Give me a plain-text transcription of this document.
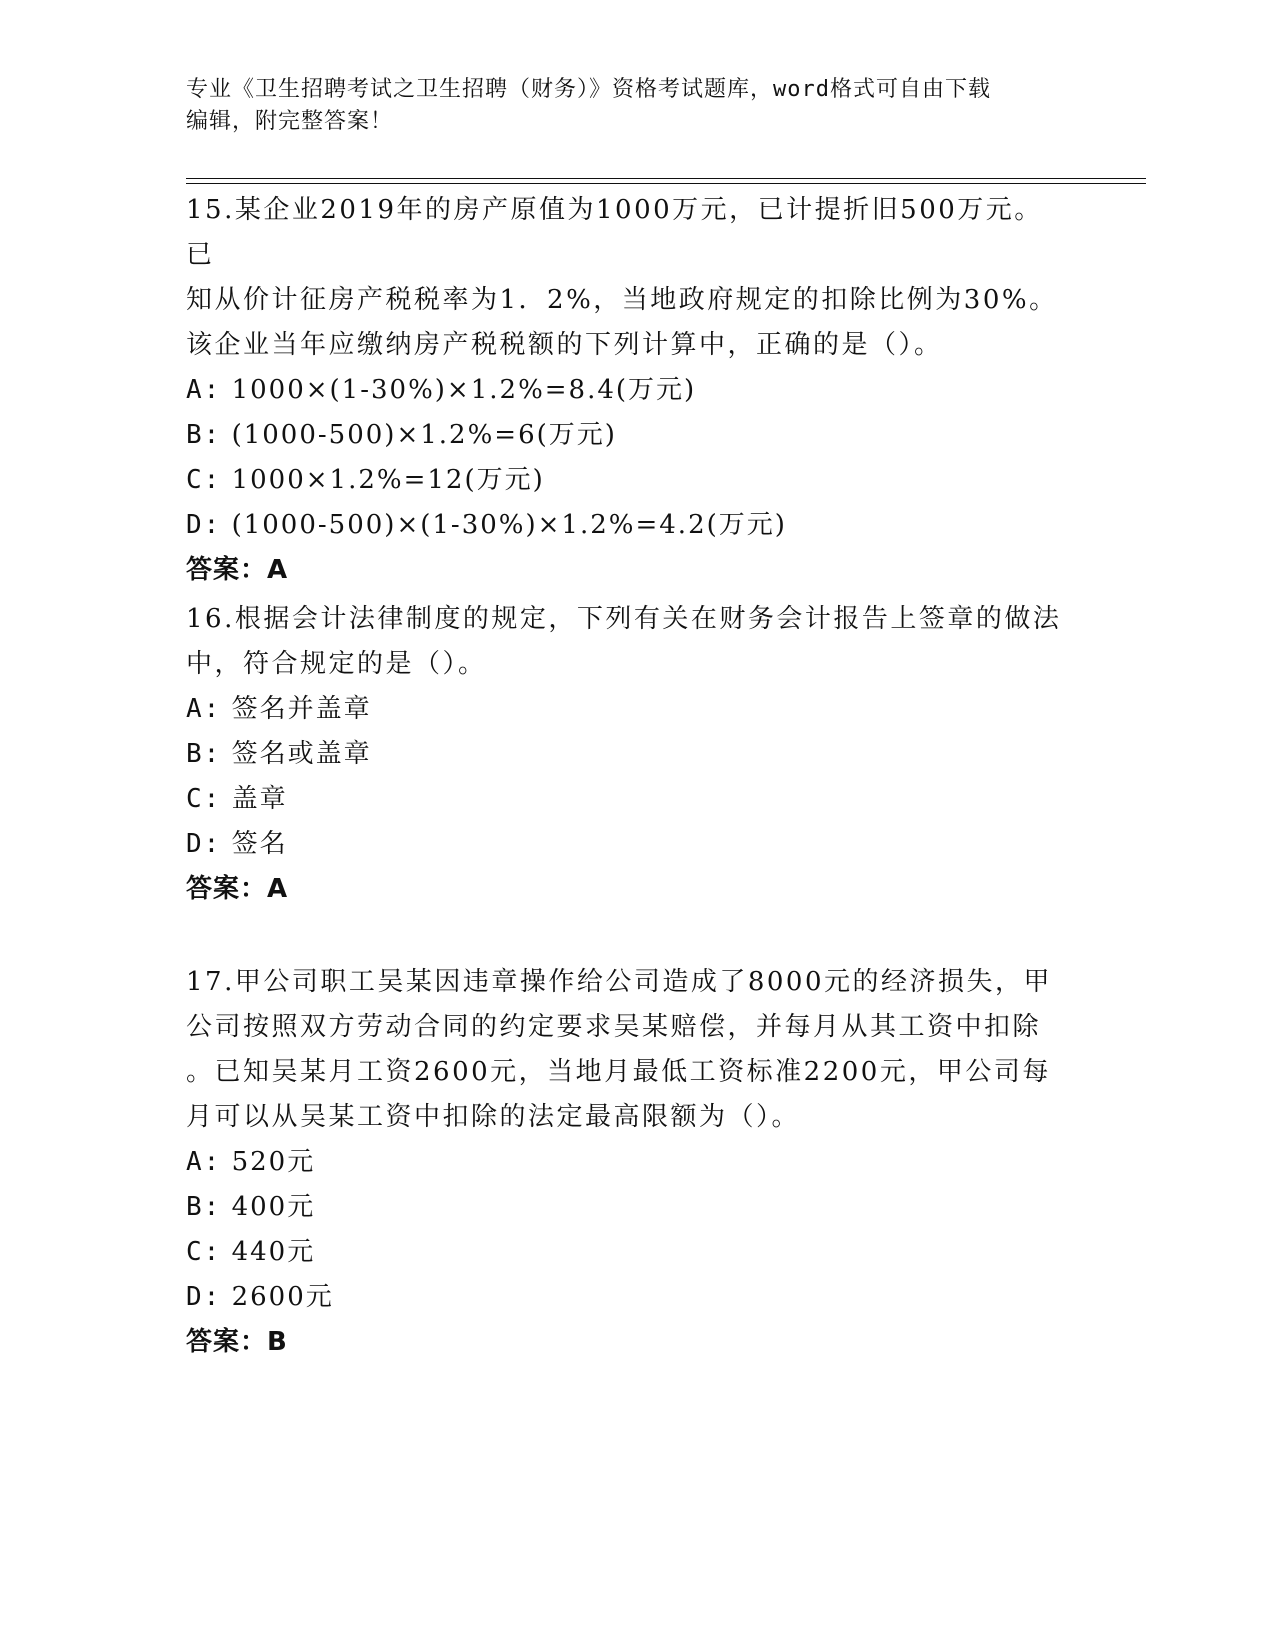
专业《卫生招聘考试之卫生招聘（财务）》资格考试题库，word格式可自由下载
编辑，附完整答案！
15.某企业2019年的房产原值为1000万元，已计提折旧500万元。已
知从价计征房产税税率为1．2%，当地政府规定的扣除比例为30%。
该企业当年应缴纳房产税税额的下列计算中，正确的是（）。
A: 1000×(1-30%)×1.2%=8.4(万元)
B: (1000-500)×1.2%=6(万元)
C: 1000×1.2%=12(万元)
D: (1000-500)×(1-30%)×1.2%=4.2(万元)
答案：A
16.根据会计法律制度的规定，下列有关在财务会计报告上签章的做法
中，符合规定的是（）。
A: 签名并盖章
B: 签名或盖章
C: 盖章
D: 签名
答案：A
17.甲公司职工吴某因违章操作给公司造成了8000元的经济损失，甲
公司按照双方劳动合同的约定要求吴某赔偿，并每月从其工资中扣除
。已知吴某月工资2600元，当地月最低工资标准2200元，甲公司每
月可以从吴某工资中扣除的法定最高限额为（）。
A: 520元
B: 400元
C: 440元
D: 2600元
答案：B
